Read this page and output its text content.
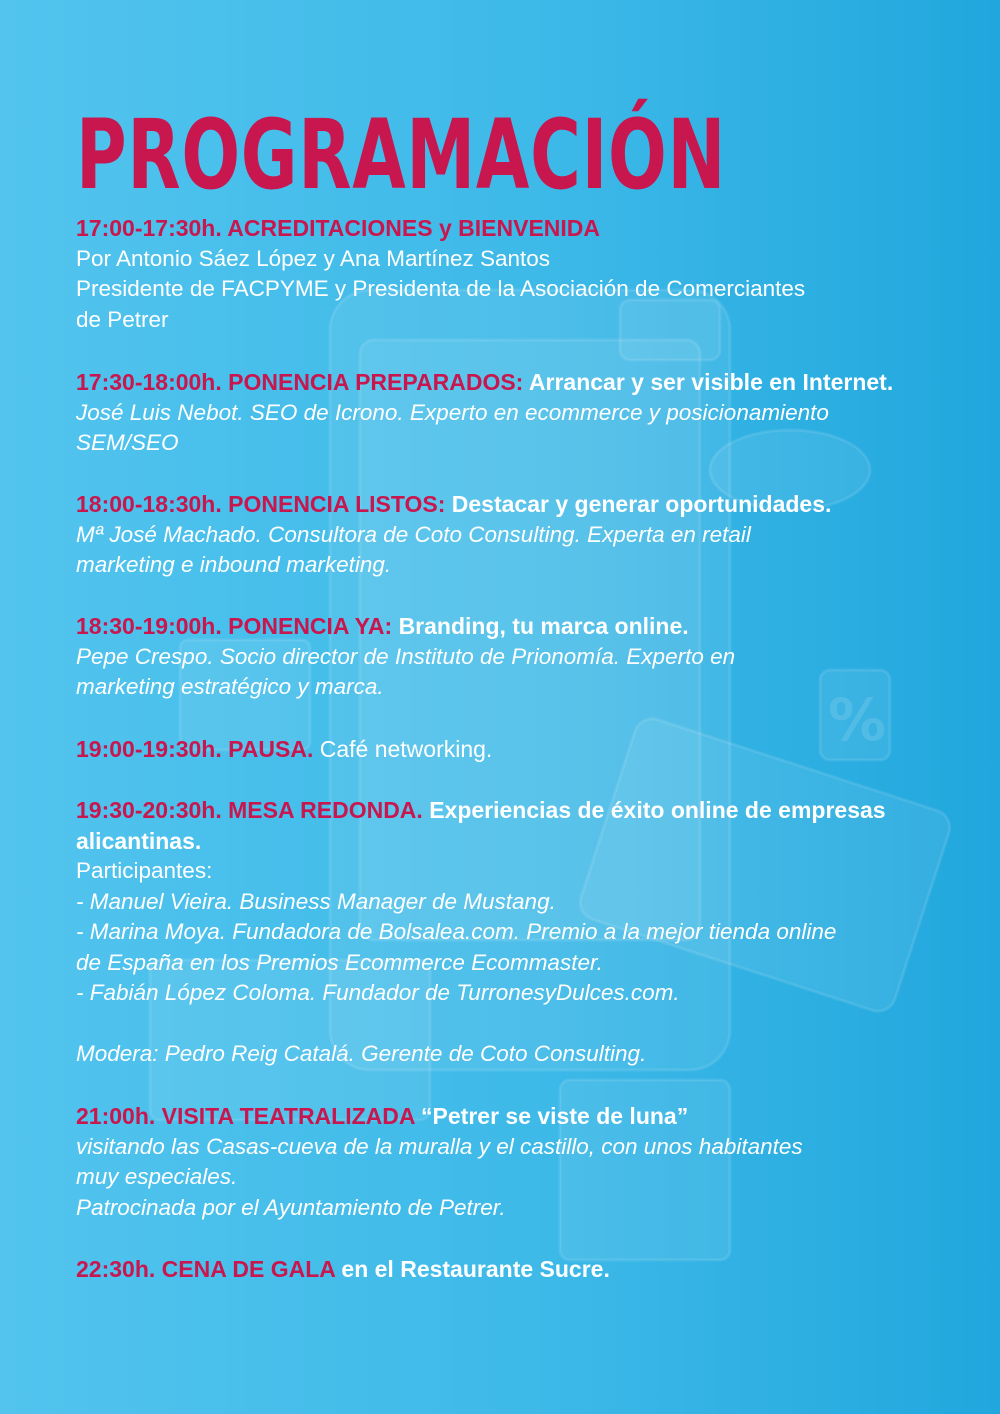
%
PROGRAMACIÓN
17:00-17:30h. ACREDITACIONES y BIENVENIDA
Por Antonio Sáez López y Ana Martínez Santos
Presidente de FACPYME y Presidenta de la Asociación de Comerciantes
de Petrer
17:30-18:00h. PONENCIA PREPARADOS: Arrancar y ser visible en Internet.
José Luis Nebot. SEO de Icrono. Experto en ecommerce y posicionamiento
SEM/SEO
18:00-18:30h. PONENCIA LISTOS: Destacar y generar oportunidades.
Mª José Machado. Consultora de Coto Consulting. Experta en retail
marketing e inbound marketing.
18:30-19:00h. PONENCIA YA: Branding, tu marca online.
Pepe Crespo. Socio director de Instituto de Prionomía. Experto en
marketing estratégico y marca.
19:00-19:30h. PAUSA. Café networking.
19:30-20:30h. MESA REDONDA. Experiencias de éxito online de empresas alicantinas.
Participantes:
- Manuel Vieira. Business Manager de Mustang.
- Marina Moya. Fundadora de Bolsalea.com. Premio a la mejor tienda online
de España en los Premios Ecommerce Ecommaster.
- Fabián López Coloma. Fundador de TurronesyDulces.com.
Modera: Pedro Reig Catalá. Gerente de Coto Consulting.
21:00h. VISITA TEATRALIZADA “Petrer se viste de luna”
visitando las Casas-cueva de la muralla y el castillo, con unos habitantes
muy especiales.
Patrocinada por el Ayuntamiento de Petrer.
22:30h. CENA DE GALA en el Restaurante Sucre.
